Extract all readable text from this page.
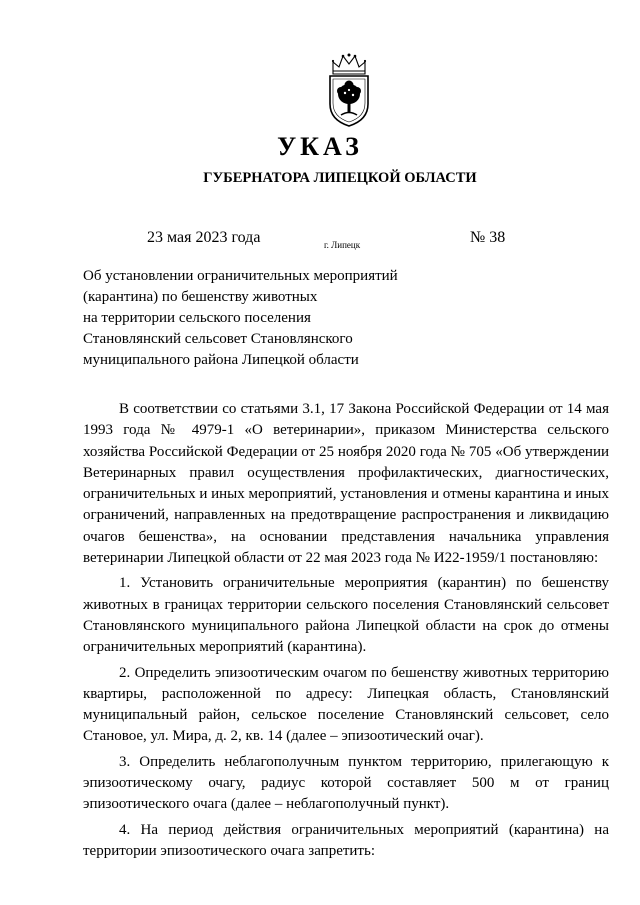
УКАЗ
ГУБЕРНАТОРА ЛИПЕЦКОЙ ОБЛАСТИ
23 мая 2023 года	г. Липецк	№ 38
Об установлении ограничительных мероприятий
(карантина) по бешенству животных
на территории сельского поселения
Становлянский сельсовет Становлянского
муниципального района Липецкой области

В соответствии со статьями 3.1, 17 Закона Российской Федерации от 14 мая 1993 года № 4979-1 «О ветеринарии», приказом Министерства сельского хозяйства Российской Федерации от 25 ноября 2020 года № 705 «Об утверждении Ветеринарных правил осуществления профилактических, диагностических, ограничительных и иных мероприятий, установления и отмены карантина и иных ограничений, направленных на предотвращение распространения и ликвидацию очагов бешенства», на основании представления начальника управления ветеринарии Липецкой области от 22 мая 2023 года № И22-1959/1 постановляю:

1. Установить ограничительные мероприятия (карантин) по бешенству животных в границах территории сельского поселения Становлянский сельсовет Становлянского муниципального района Липецкой области на срок до отмены ограничительных мероприятий (карантина).

2. Определить эпизоотическим очагом по бешенству животных территорию квартиры, расположенной по адресу: Липецкая область, Становлянский муниципальный район, сельское поселение Становлянский сельсовет, село Становое, ул. Мира, д. 2, кв. 14 (далее – эпизоотический очаг).

3. Определить неблагополучным пунктом территорию, прилегающую к эпизоотическому очагу, радиус которой составляет 500 м от границ эпизоотического очага (далее – неблагополучный пункт).

4. На период действия ограничительных мероприятий (карантина) на территории эпизоотического очага запретить:
